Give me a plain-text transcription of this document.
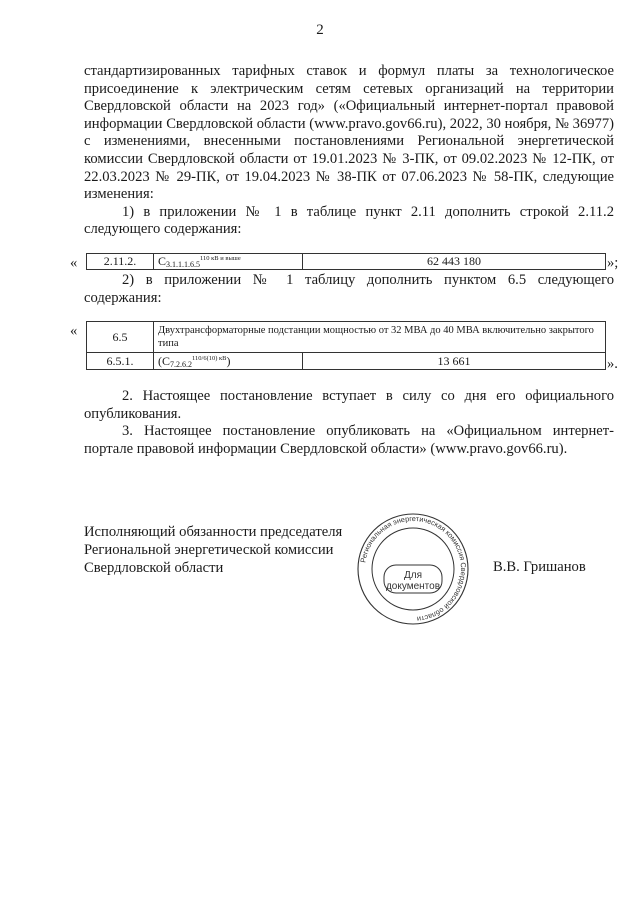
2

стандартизированных тарифных ставок и формул платы за технологическое присоединение к электрическим сетям сетевых организаций на территории Свердловской области на 2023 год» («Официальный интернет-портал правовой информации Свердловской области (www.pravo.gov66.ru), 2022, 30 ноября, № 36977) с изменениями, внесенными постановлениями Региональной энергетической комиссии Свердловской области от 19.01.2023 № 3-ПК, от 09.02.2023 № 12-ПК, от 22.03.2023 № 29-ПК, от 19.04.2023 № 38-ПК от 07.06.2023 № 58-ПК, следующие изменения:

1) в приложении № 1 в таблице пункт 2.11 дополнить строкой 2.11.2 следующего содержания:

« 2.11.2.	$C_{3.1.1.1.6.5}^{110 кВ и выше}$	62 443 180	»;

2) в приложении № 1 таблицу дополнить пунктом 6.5 следующего содержания:

«	6.5	Двухтрансформаторные подстанции мощностью от 32 МВА до 40 МВА включительно закрытого типа	
6.5.1.	$(C_{7.2.6.2}^{110/6(10) кВ})$	13 661	».

2. Настоящее постановление вступает в силу со дня его официального опубликования.

3. Настоящее постановление опубликовать на «Официальном интернет-портале правовой информации Свердловской области» (www.pravo.gov66.ru).

Исполняющий обязанности председателя
Региональной энергетической комиссии
Свердловской области	В.В. Гришанов
Региональная энергетическая комиссия Свердловской области
Для
документов
